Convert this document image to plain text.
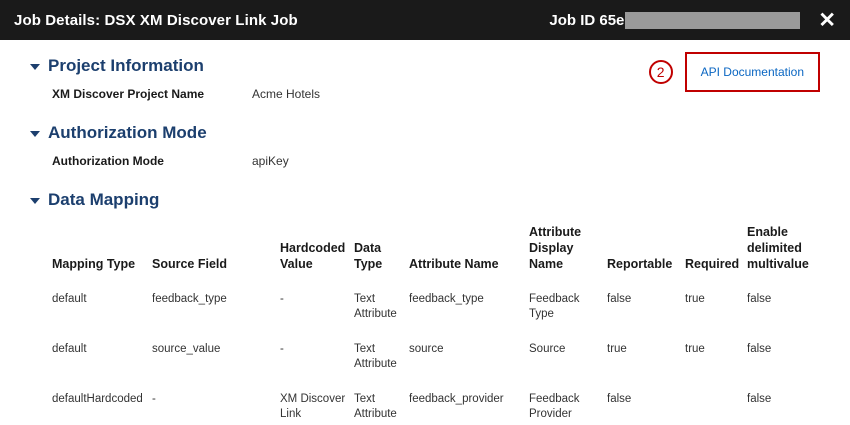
Job Details: DSX XM Discover Link Job	Job ID 65e	✕
2	API Documentation
Project Information
XM Discover Project Name	Acme Hotels
Authorization Mode
Authorization Mode	apiKey
Data Mapping
Mapping Type	Source Field	Hardcoded Value	Data Type	Attribute Name	Attribute Display Name	Reportable	Required	Enable delimited multivalue
default	feedback_type	-	Text Attribute	feedback_type	Feedback Type	false	true	false
default	source_value	-	Text Attribute	source	Source	true	true	false
defaultHardcoded	-	XM Discover Link	Text Attribute	feedback_provider	Feedback Provider	false		false
